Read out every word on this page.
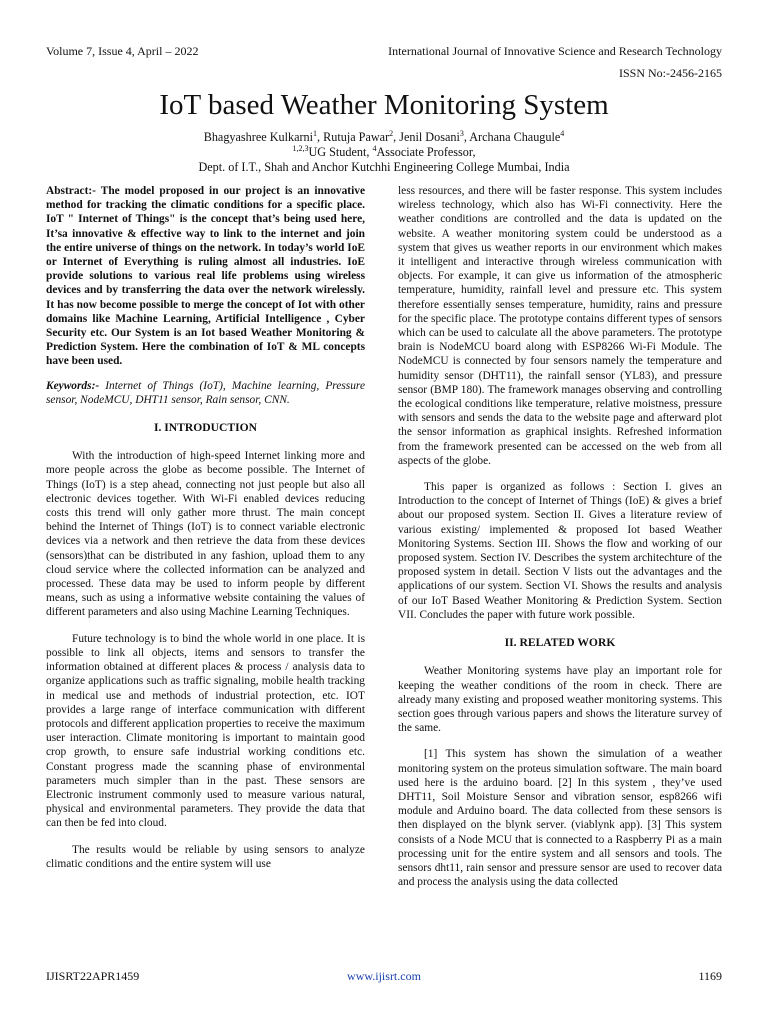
Volume 7, Issue 4, April – 2022	International Journal of Innovative Science and Research Technology
ISSN No:-2456-2165
IoT based Weather Monitoring System
Bhagyashree Kulkarni$^1$, Rutuja Pawar$^2$, Jenil Dosani$^3$, Archana Chaugule$^4$
$^{1,2,3}$UG Student, $^4$Associate Professor,
Dept. of I.T., Shah and Anchor Kutchhi Engineering College Mumbai, India

Abstract:- The model proposed in our project is an innovative method for tracking the climatic conditions for a specific place. IoT " Internet of Things" is the concept that’s being used here, It’sa innovative & effective way to link to the internet and join the entire universe of things on the network. In today’s world IoE or Internet of Everything is ruling almost all industries. IoE provide solutions to various real life problems using wireless devices and by transferring the data over the network wirelessly. It has now become possible to merge the concept of Iot with other domains like Machine Learning, Artificial Intelligence , Cyber Security etc. Our System is an Iot based Weather Monitoring & Prediction System. Here the combination of IoT & ML concepts have been used.

Keywords:- Internet of Things (IoT), Machine learning, Pressure sensor, NodeMCU, DHT11 sensor, Rain sensor, CNN.

I. INTRODUCTION

With the introduction of high-speed Internet linking more and more people across the globe as become possible. The Internet of Things (IoT) is a step ahead, connecting not just people but also all electronic devices together. With Wi-Fi enabled devices reducing costs this trend will only gather more thrust. The main concept behind the Internet of Things (IoT) is to connect variable electronic devices via a network and then retrieve the data from these devices (sensors)that can be distributed in any fashion, upload them to any cloud service where the collected information can be analyzed and processed. These data may be used to inform people by different means, such as using a informative website containing the values of different parameters and also using Machine Learning Techniques.

Future technology is to bind the whole world in one place. It is possible to link all objects, items and sensors to transfer the information obtained at different places & process / analysis data to organize applications such as traffic signaling, mobile health tracking in medical use and methods of industrial protection, etc. IOT provides a large range of interface communication with different protocols and different application properties to receive the maximum user interaction. Climate monitoring is important to maintain good crop growth, to ensure safe industrial working conditions etc. Constant progress made the scanning phase of environmental parameters much simpler than in the past. These sensors are Electronic instrument commonly used to measure various natural, physical and environmental parameters. They provide the data that can then be fed into cloud.

The results would be reliable by using sensors to analyze climatic conditions and the entire system will use

less resources, and there will be faster response. This system includes wireless technology, which also has Wi-Fi connectivity. Here the weather conditions are controlled and the data is updated on the website. A weather monitoring system could be understood as a system that gives us weather reports in our environment which makes it intelligent and interactive through wireless communication with objects. For example, it can give us information of the atmospheric temperature, humidity, rainfall level and pressure etc. This system therefore essentially senses temperature, humidity, rains and pressure for the specific place. The prototype contains different types of sensors which can be used to calculate all the above parameters. The prototype brain is NodeMCU board along with ESP8266 Wi-Fi Module. The NodeMCU is connected by four sensors namely the temperature and humidity sensor (DHT11), the rainfall sensor (YL83), and pressure sensor (BMP 180). The framework manages observing and controlling the ecological conditions like temperature, relative moistness, pressure with sensors and sends the data to the website page and afterward plot the sensor information as graphical insights. Refreshed information from the framework presented can be accessed on the web from all aspects of the globe.

This paper is organized as follows : Section I. gives an Introduction to the concept of Internet of Things (IoE) & gives a brief about our proposed system. Section II. Gives a literature review of various existing/ implemented & proposed Iot based Weather Monitoring Systems. Section III. Shows the flow and working of our proposed system. Section IV. Describes the system architechture of the proposed system in detail. Section V lists out the advantages and the applications of our system. Section VI. Shows the results and analysis of our IoT Based Weather Monitoring & Prediction System. Section VII. Concludes the paper with future work possible.

II. RELATED WORK

Weather Monitoring systems have play an important role for keeping the weather conditions of the room in check. There are already many existing and proposed weather monitoring systems. This section goes through various papers and shows the literature survey of the same.

[1] This system has shown the simulation of a weather monitoring system on the proteus simulation software. The main board used here is the arduino board. [2] In this system , they’ve used DHT11, Soil Moisture Sensor and vibration sensor, esp8266 wifi module and Arduino board. The data collected from these sensors is then displayed on the blynk server. (viablynk app). [3] This system consists of a Node MCU that is connected to a Raspberry Pi as a main processing unit for the entire system and all sensors and tools. The sensors dht11, rain sensor and pressure sensor are used to recover data and process the analysis using the data collected

IJISRT22APR1459	www.ijisrt.com	1169
